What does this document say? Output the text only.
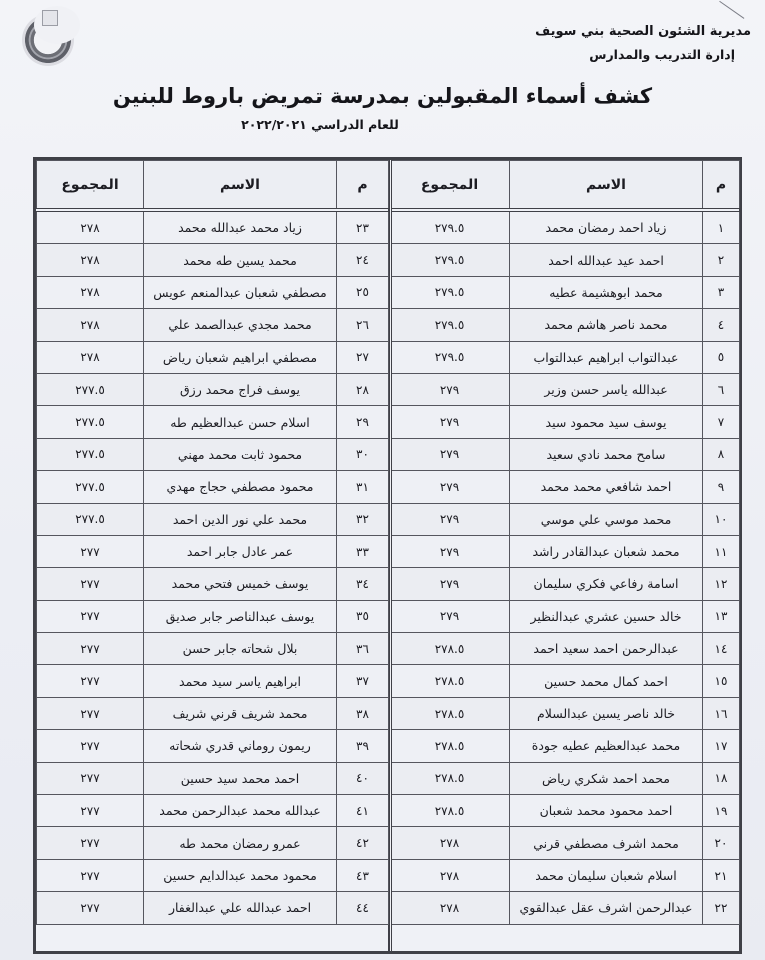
مديرية الشئون الصحية بني سويف
إدارة التدريب والمدارس
كشف أسماء المقبولين بمدرسة تمريض باروط للبنين
للعام الدراسي ٢٠٢٢/٢٠٢١
م	الاسم	المجموع
١	زياد احمد رمضان محمد	٢٧٩.٥
٢	احمد عيد عبدالله احمد	٢٧٩.٥
٣	محمد ابوهشيمة عطيه	٢٧٩.٥
٤	محمد ناصر هاشم محمد	٢٧٩.٥
٥	عبدالتواب ابراهيم عبدالتواب	٢٧٩.٥
٦	عبدالله ياسر حسن وزير	٢٧٩
٧	يوسف سيد محمود سيد	٢٧٩
٨	سامح محمد نادي سعيد	٢٧٩
٩	احمد شافعي محمد محمد	٢٧٩
١٠	محمد موسي علي موسي	٢٧٩
١١	محمد شعبان عبدالقادر راشد	٢٧٩
١٢	اسامة رفاعي فكري سليمان	٢٧٩
١٣	خالد حسين عشري عبدالنظير	٢٧٩
١٤	عبدالرحمن احمد سعيد احمد	٢٧٨.٥
١٥	احمد كمال محمد حسين	٢٧٨.٥
١٦	خالد ناصر يسين عبدالسلام	٢٧٨.٥
١٧	محمد عبدالعظيم عطيه جودة	٢٧٨.٥
١٨	محمد احمد شكري رياض	٢٧٨.٥
١٩	احمد محمود محمد شعبان	٢٧٨.٥
٢٠	محمد اشرف مصطفي قرني	٢٧٨
٢١	اسلام شعبان سليمان محمد	٢٧٨
٢٢	عبدالرحمن اشرف عقل عبدالقوي	٢٧٨
م	الاسم	المجموع
٢٣	زياد محمد عبدالله محمد	٢٧٨
٢٤	محمد يسين طه محمد	٢٧٨
٢٥	مصطفي شعبان عبدالمنعم عويس	٢٧٨
٢٦	محمد مجدي عبدالصمد علي	٢٧٨
٢٧	مصطفي ابراهيم شعبان رياض	٢٧٨
٢٨	يوسف فراج محمد رزق	٢٧٧.٥
٢٩	اسلام حسن عبدالعظيم طه	٢٧٧.٥
٣٠	محمود ثابت محمد مهني	٢٧٧.٥
٣١	محمود مصطفي حجاج مهدي	٢٧٧.٥
٣٢	محمد علي نور الدين احمد	٢٧٧.٥
٣٣	عمر عادل جابر احمد	٢٧٧
٣٤	يوسف خميس فتحي محمد	٢٧٧
٣٥	يوسف عبدالناصر جابر صديق	٢٧٧
٣٦	بلال شحاته جابر حسن	٢٧٧
٣٧	ابراهيم ياسر سيد محمد	٢٧٧
٣٨	محمد شريف قرني شريف	٢٧٧
٣٩	ريمون روماني قدري شحاته	٢٧٧
٤٠	احمد محمد سيد حسين	٢٧٧
٤١	عبدالله محمد عبدالرحمن محمد	٢٧٧
٤٢	عمرو رمضان محمد طه	٢٧٧
٤٣	محمود محمد عبدالدايم حسين	٢٧٧
٤٤	احمد عبدالله علي عبدالغفار	٢٧٧
